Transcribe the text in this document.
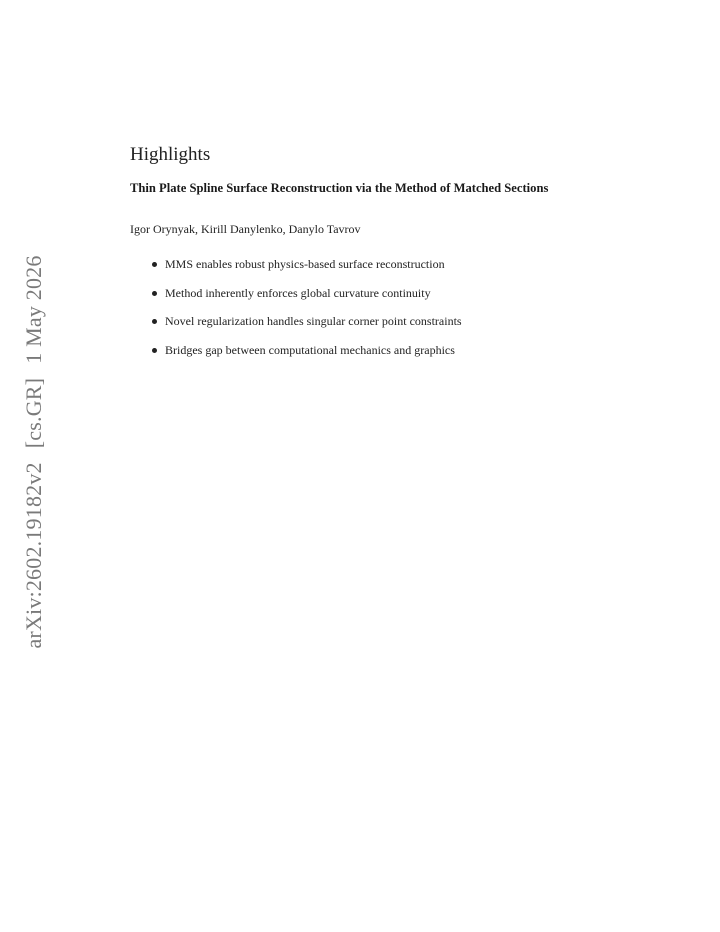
arXiv:2602.19182v2[cs.GR]1 May 2026
Highlights
Thin Plate Spline Surface Reconstruction via the Method of Matched Sections

Igor Orynyak, Kirill Danylenko, Danylo Tavrov

MMS enables robust physics-based surface reconstruction
Method inherently enforces global curvature continuity
Novel regularization handles singular corner point constraints
Bridges gap between computational mechanics and graphics
